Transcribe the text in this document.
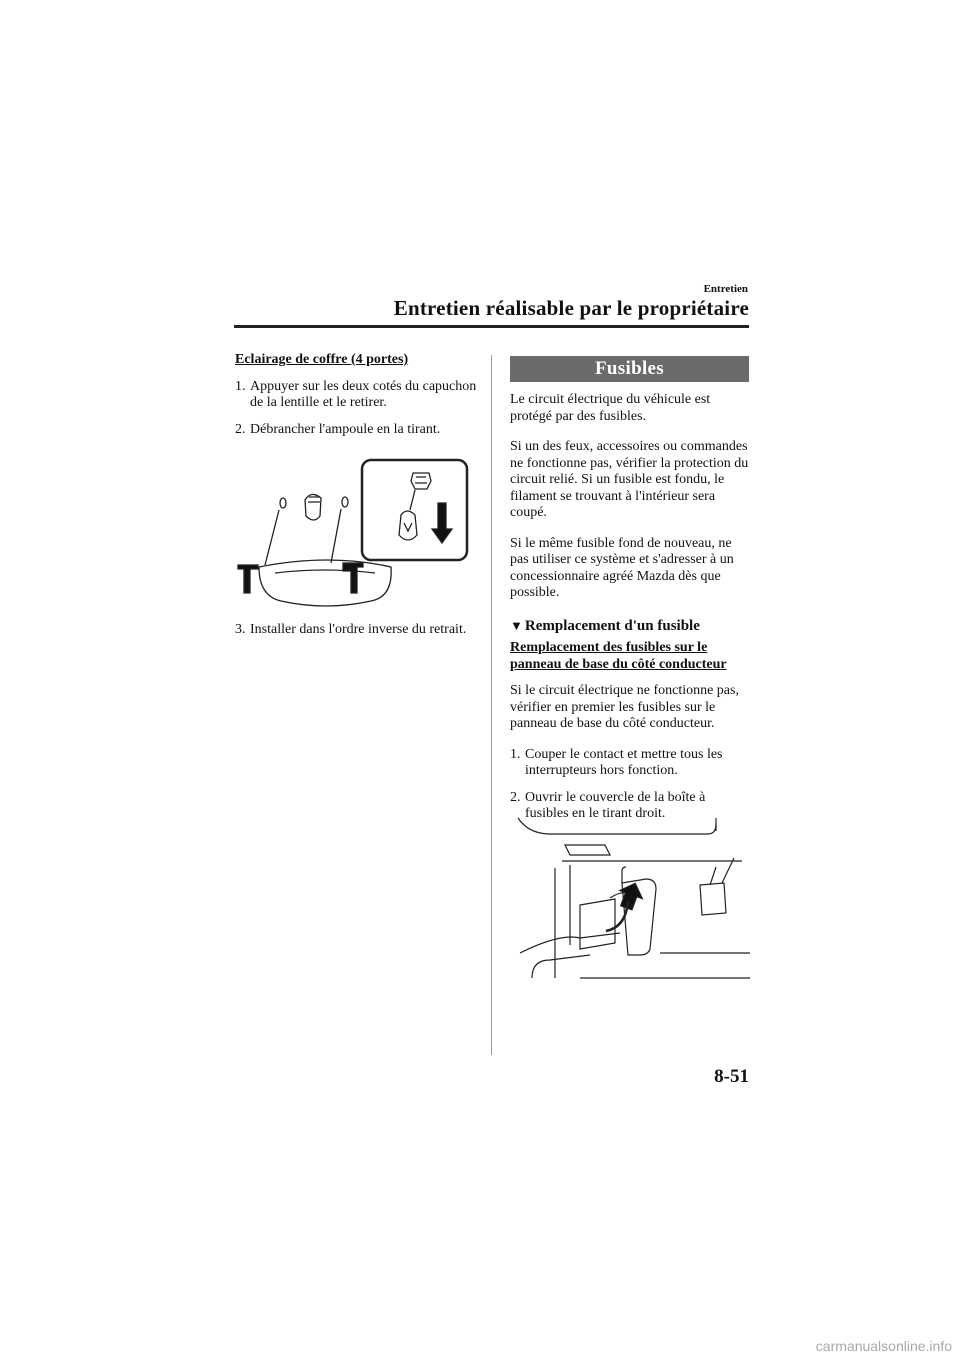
Entretien
Entretien réalisable par le propriétaire

Eclairage de coffre (4 portes)

1. Appuyer sur les deux cotés du capuchon de la lentille et le retirer.
2. Débrancher l'ampoule en la tirant.
3. Installer dans l'ordre inverse du retrait.
Fusibles

Le circuit électrique du véhicule est protégé par des fusibles.

Si un des feux, accessoires ou commandes ne fonctionne pas, vérifier la protection du circuit relié. Si un fusible est fondu, le filament se trouvant à l'intérieur sera coupé.

Si le même fusible fond de nouveau, ne pas utiliser ce système et s'adresser à un concessionnaire agréé Mazda dès que possible.

▼ Remplacement d'un fusible

Remplacement des fusibles sur le panneau de base du côté conducteur

Si le circuit électrique ne fonctionne pas, vérifier en premier les fusibles sur le panneau de base du côté conducteur.

1. Couper le contact et mettre tous les interrupteurs hors fonction.
2. Ouvrir le couvercle de la boîte à fusibles en le tirant droit.
8-51
carmanualsonline.info
